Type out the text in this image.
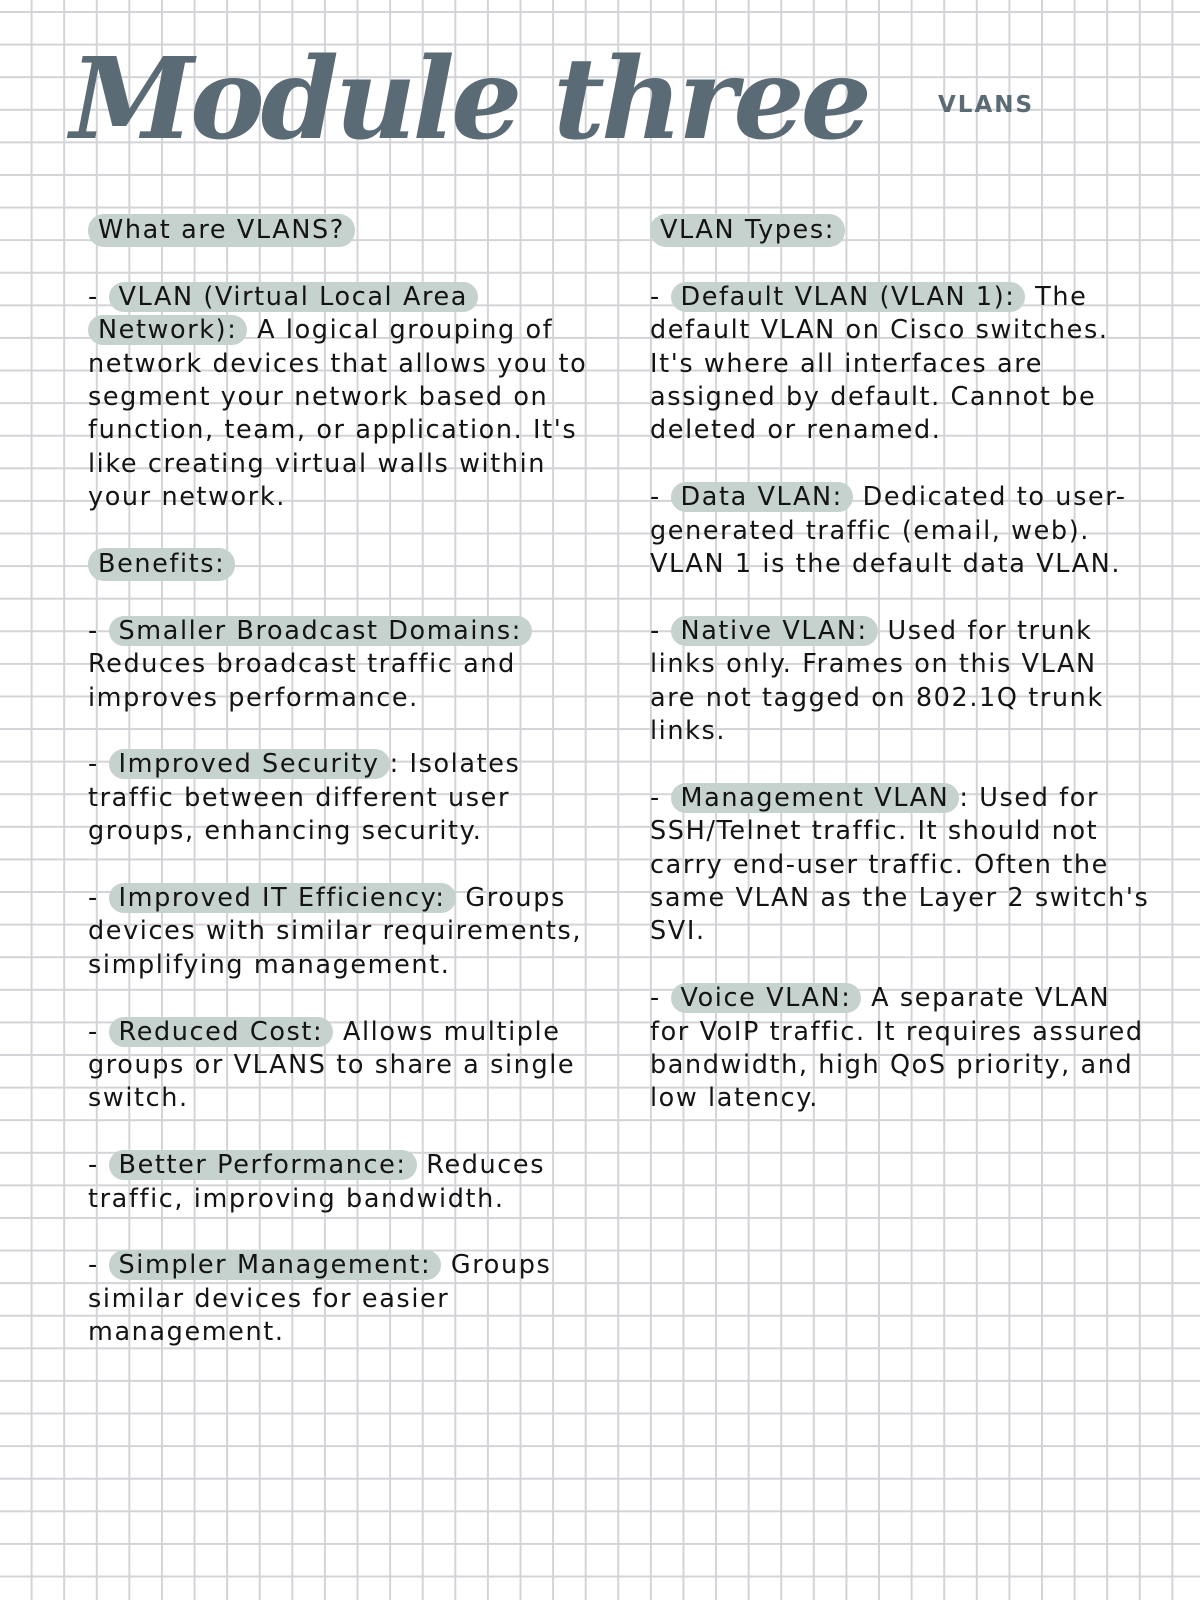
Module three	VLANS
What are VLANS?
- VLAN (Virtual Local Area Network): A logical grouping of network devices that allows you to segment your network based on function, team, or application. It's like creating virtual walls within your network.
Benefits:
- Smaller Broadcast Domains: Reduces broadcast traffic and improves performance.
- Improved Security : Isolates traffic between different user groups, enhancing security.
- Improved IT Efficiency: Groups devices with similar requirements, simplifying management.
- Reduced Cost: Allows multiple groups or VLANS to share a single switch.
- Better Performance: Reduces traffic, improving bandwidth.
- Simpler Management: Groups similar devices for easier management.
VLAN Types:
- Default VLAN (VLAN 1): The default VLAN on Cisco switches. It's where all interfaces are assigned by default. Cannot be deleted or renamed.
- Data VLAN: Dedicated to user-generated traffic (email, web). VLAN 1 is the default data VLAN.
- Native VLAN: Used for trunk links only. Frames on this VLAN are not tagged on 802.1Q trunk links.
- Management VLAN : Used for SSH/Telnet traffic. It should not carry end-user traffic. Often the same VLAN as the Layer 2 switch's SVI.
- Voice VLAN: A separate VLAN for VoIP traffic. It requires assured bandwidth, high QoS priority, and low latency.
